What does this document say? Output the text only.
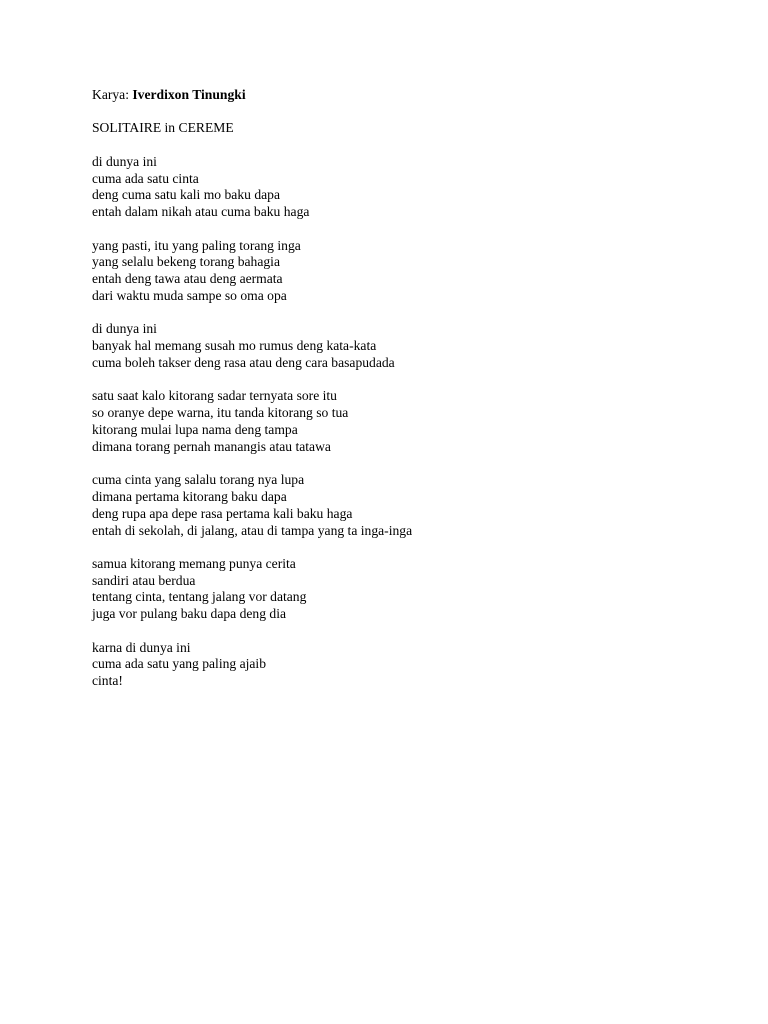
Karya: Iverdixon Tinungki
SOLITAIRE in CEREME
di dunya ini
cuma ada satu cinta
deng cuma satu kali mo baku dapa
entah dalam nikah atau cuma baku haga
yang pasti, itu yang paling torang inga
yang selalu bekeng torang bahagia
entah deng tawa atau deng aermata
dari waktu muda sampe so oma opa
di dunya ini
banyak hal memang susah mo rumus deng kata-kata
cuma boleh takser deng rasa atau deng cara basapudada
satu saat kalo kitorang sadar ternyata sore itu
so oranye depe warna, itu tanda kitorang so tua
kitorang mulai lupa nama deng tampa
dimana torang pernah manangis atau tatawa
cuma cinta yang salalu torang nya lupa
dimana pertama kitorang baku dapa
deng rupa apa depe rasa pertama kali baku haga
entah di sekolah, di jalang, atau di tampa yang ta inga-inga
samua kitorang memang punya cerita
sandiri atau berdua
tentang cinta, tentang jalang vor datang
juga vor pulang baku dapa deng dia
karna di dunya ini
cuma ada satu yang paling ajaib
cinta!
